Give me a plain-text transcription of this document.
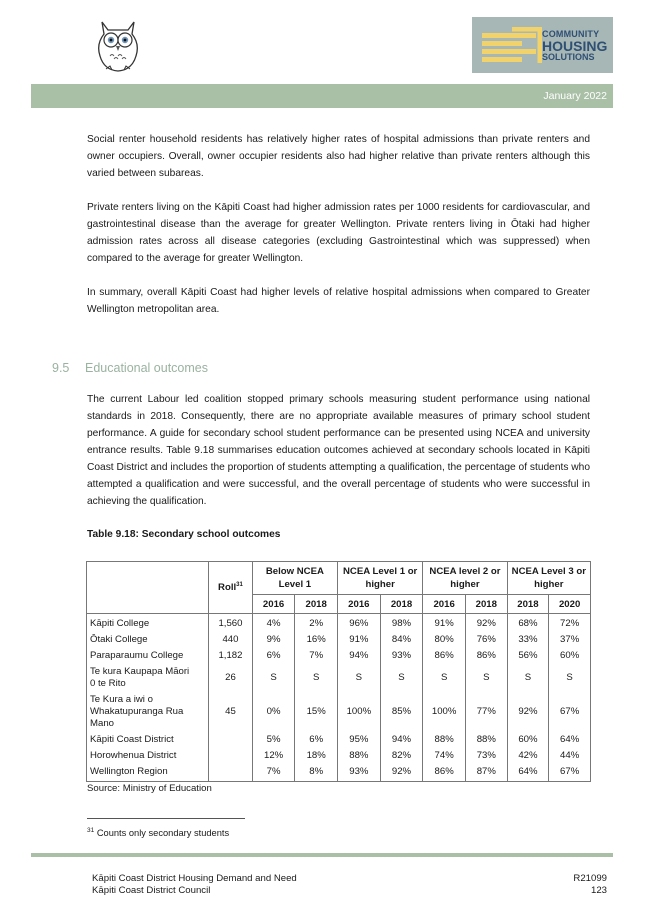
COMMUNITY
HOUSING
SOLUTIONS
January 2022

Social renter household residents has relatively higher rates of hospital admissions than private renters and owner occupiers. Overall, owner occupier residents also had higher relative than private renters although this varied between subareas.

Private renters living on the Kāpiti Coast had higher admission rates per 1000 residents for cardiovascular, and gastrointestinal disease than the average for greater Wellington. Private renters living in Ōtaki had higher admission rates across all disease categories (excluding Gastrointestinal which was suppressed) when compared to the average for greater Wellington.

In summary, overall Kāpiti Coast had higher levels of relative hospital admissions when compared to Greater Wellington metropolitan area.

9.5 Educational outcomes

The current Labour led coalition stopped primary schools measuring student performance using national standards in 2018. Consequently, there are no appropriate available measures of primary school student performance. A guide for secondary school student performance can be presented using NCEA and university entrance results. Table 9.18 summarises education outcomes achieved at secondary schools located in Kāpiti Coast District and includes the proportion of students attempting a qualification, the percentage of students who attempted a qualification and were successful, and the overall percentage of students who were successful in achieving the qualification.

Table 9.18: Secondary school outcomes
	Roll$^{31}$	Below NCEA Level 1		NCEA Level 1 or higher		NCEA level 2 or higher		NCEA Level 3 or higher	
		2016	2018	2016	2018	2016	2018	2018	2020
Kāpiti College	1,560	4%	2%	96%	98%	91%	92%	68%	72%
Ōtaki College	440	9%	16%	91%	84%	80%	76%	33%	37%
Paraparaumu College	1,182	6%	7%	94%	93%	86%	86%	56%	60%
Te kura Kaupapa Māori 0 te Rito	26	S	S	S	S	S	S	S	S
Te Kura a iwi o Whakatupuranga Rua Mano	45	0%	15%	100%	85%	100%	77%	92%	67%
Kāpiti Coast District		5%	6%	95%	94%	88%	88%	60%	64%
Horowhenua District		12%	18%	88%	82%	74%	73%	42%	44%
Wellington Region		7%	8%	93%	92%	86%	87%	64%	67%
Source: Ministry of Education
$^{31}$ Counts only secondary students
Kāpiti Coast District Housing Demand and Need
Kāpiti Coast District Council
R21099
123
